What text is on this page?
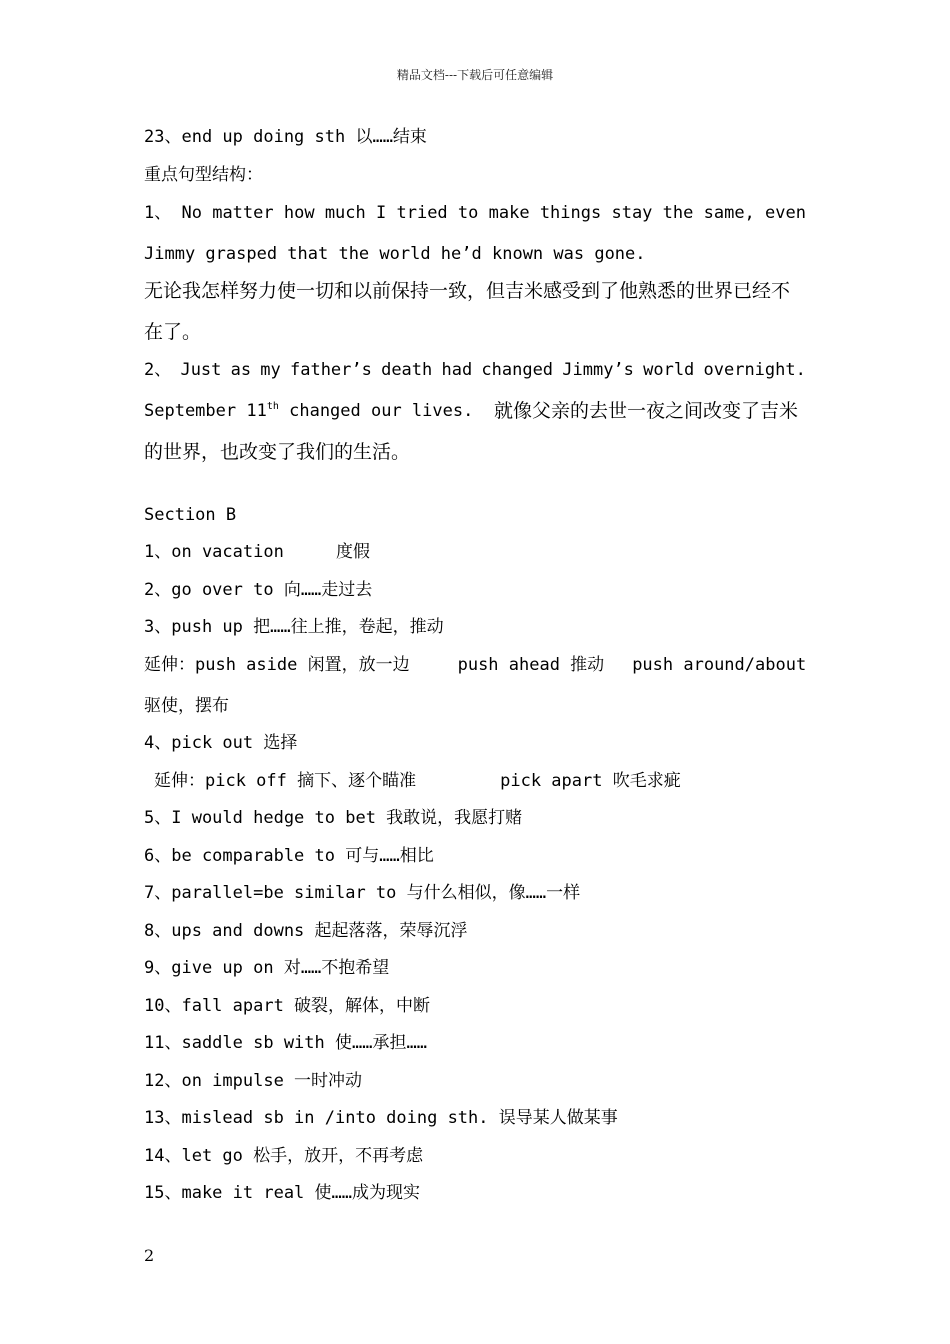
精品文档---下载后可任意编辑
23、end up doing sth 以……结束
重点句型结构：
1、 No matter how much I tried to make things stay the same, even
Jimmy grasped that the world he’d known was gone.
无论我怎样努力使一切和以前保持一致，但吉米感受到了他熟悉的世界已经不
在了。
2、 Just as my father’s death had changed Jimmy’s world overnight.
September 11th changed our lives. 就像父亲的去世一夜之间改变了吉米
的世界，也改变了我们的生活。
Section B
1、on vacation	度假
2、go over to 向……走过去
3、push up 把……往上推，卷起，推动
延伸：push aside 闲置，放一边	push ahead 推动 push around/about
驱使，摆布
4、pick out 选择
延伸：pick off 摘下、逐个瞄准	pick apart 吹毛求疵
5、I would hedge to bet 我敢说，我愿打赌
6、be comparable to 可与……相比
7、parallel=be similar to 与什么相似，像……一样
8、ups and downs 起起落落，荣辱沉浮
9、give up on 对……不抱希望
10、fall apart 破裂，解体，中断
11、saddle sb with 使……承担……
12、on impulse 一时冲动
13、mislead sb in /into doing sth. 误导某人做某事
14、let go 松手，放开，不再考虑
15、make it real 使……成为现实
2
